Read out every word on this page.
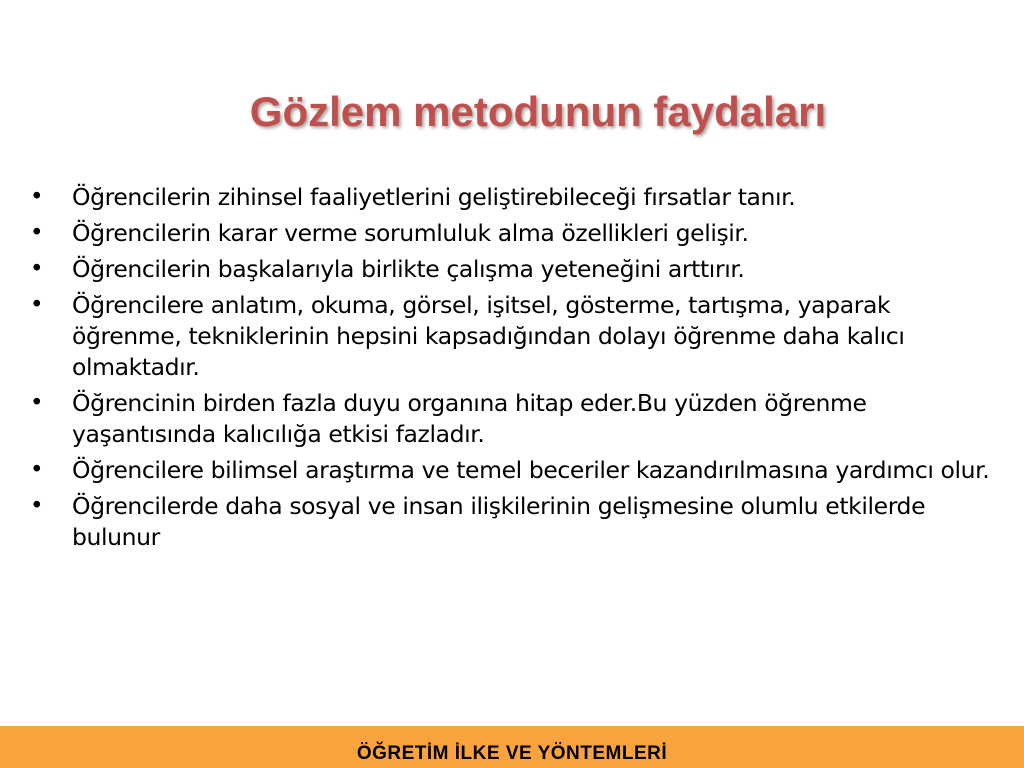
Gözlem metodunun faydaları
•	Öğrencilerin zihinsel faaliyetlerini geliştirebileceği fırsatlar tanır.
•	Öğrencilerin karar verme sorumluluk alma özellikleri gelişir.
•	Öğrencilerin başkalarıyla birlikte çalışma yeteneğini arttırır.
•	Öğrencilere anlatım, okuma, görsel, işitsel, gösterme, tartışma, yaparak öğrenme, tekniklerinin hepsini kapsadığından dolayı öğrenme daha kalıcı olmaktadır.
•	Öğrencinin birden fazla duyu organına hitap eder.Bu yüzden öğrenme yaşantısında kalıcılığa etkisi fazladır.
•	Öğrencilere bilimsel araştırma ve temel beceriler kazandırılmasına yardımcı olur.
•	Öğrencilerde daha sosyal ve insan ilişkilerinin gelişmesine olumlu etkilerde bulunur
ÖĞRETİM İLKE VE YÖNTEMLERİ
